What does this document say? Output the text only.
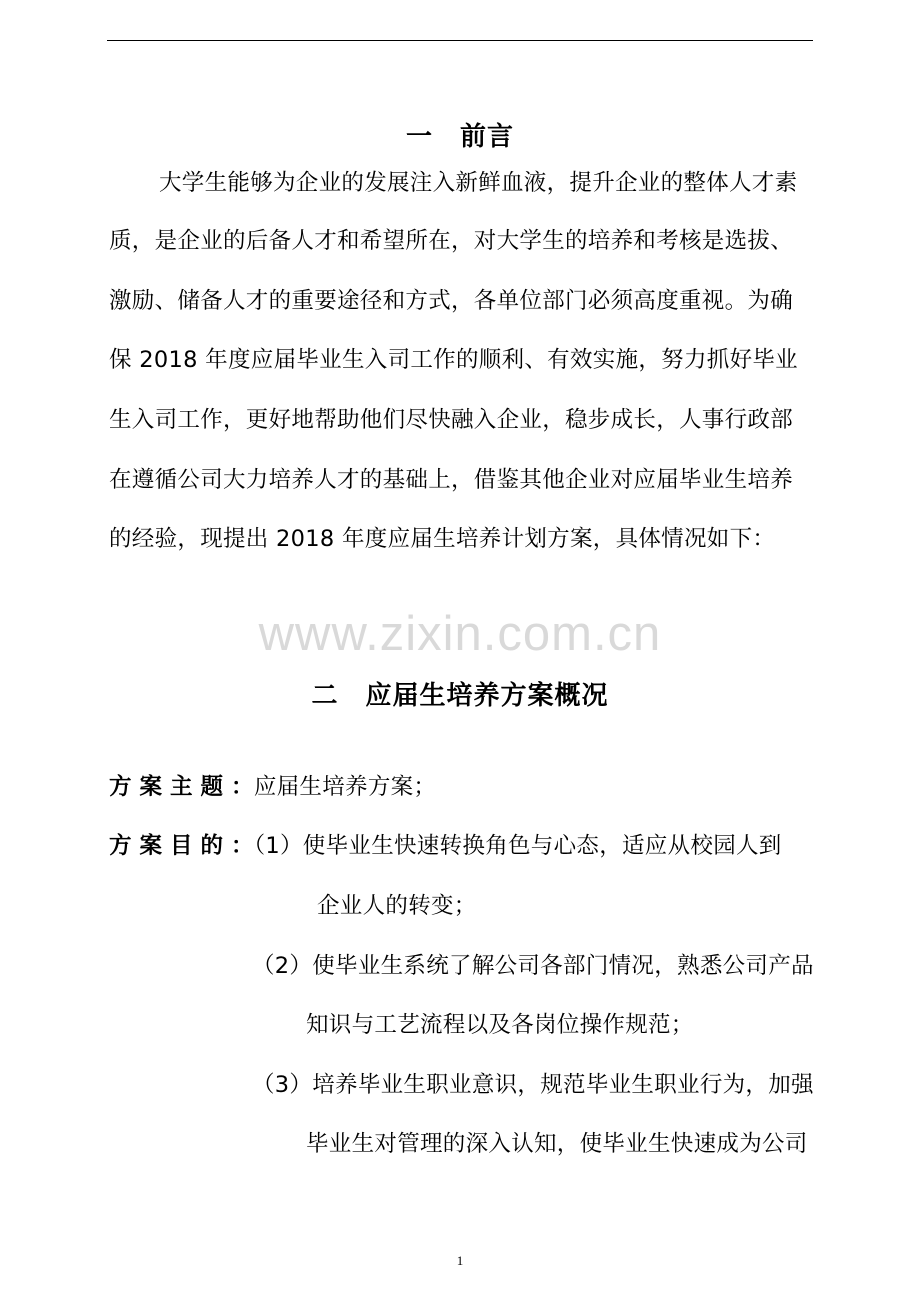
一　前言
大学生能够为企业的发展注入新鲜血液，提升企业的整体人才素
质，是企业的后备人才和希望所在，对大学生的培养和考核是选拔、
激励、储备人才的重要途径和方式，各单位部门必须高度重视。为确
保 2018 年度应届毕业生入司工作的顺利、有效实施，努力抓好毕业
生入司工作，更好地帮助他们尽快融入企业，稳步成长，人事行政部
在遵循公司大力培养人才的基础上，借鉴其他企业对应届毕业生培养
的经验，现提出 2018 年度应届生培养计划方案，具体情况如下：
www.zixin.com.cn
二　应届生培养方案概况
方案主题：应届生培养方案；
方案目的：（1）使毕业生快速转换角色与心态，适应从校园人到
企业人的转变；
（2）使毕业生系统了解公司各部门情况，熟悉公司产品
知识与工艺流程以及各岗位操作规范；
（3）培养毕业生职业意识，规范毕业生职业行为，加强
毕业生对管理的深入认知，使毕业生快速成为公司
1
